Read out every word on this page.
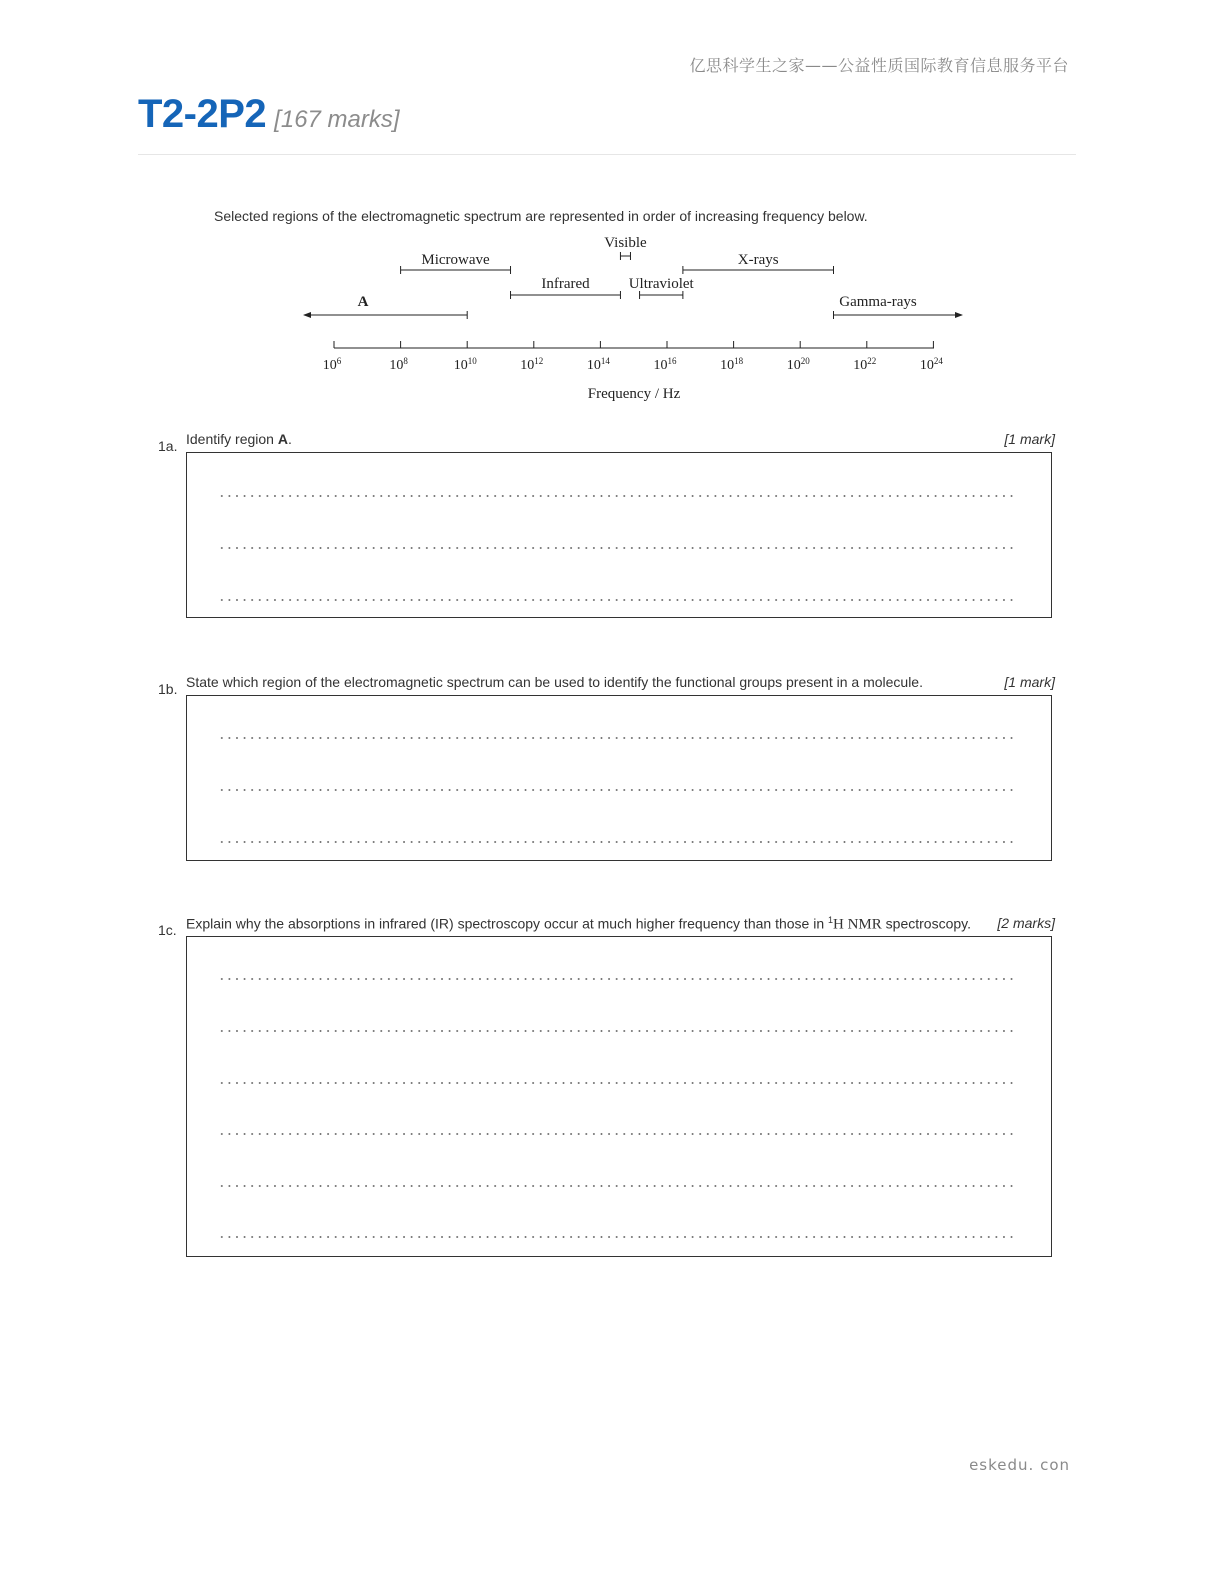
亿思科学生之家——公益性质国际教育信息服务平台
T2-2P2 [167 marks]
Selected regions of the electromagnetic spectrum are represented in order of increasing frequency below.
A
Microwave
Infrared
Visible
Ultraviolet
X-rays
Gamma-rays
$10^6$	$10^8$	$10^{10}$	$10^{12}$	$10^{14}$	$10^{16}$	$10^{18}$	$10^{20}$	$10^{22}$	$10^{24}$
Frequency / Hz
1a. Identify region A.	[1 mark]
1b. State which region of the electromagnetic spectrum can be used to identify the functional groups present in a molecule.	[1 mark]
1c. Explain why the absorptions in infrared (IR) spectroscopy occur at much higher frequency than those in $^1$H NMR spectroscopy.	[2 marks]
eskedu. con
